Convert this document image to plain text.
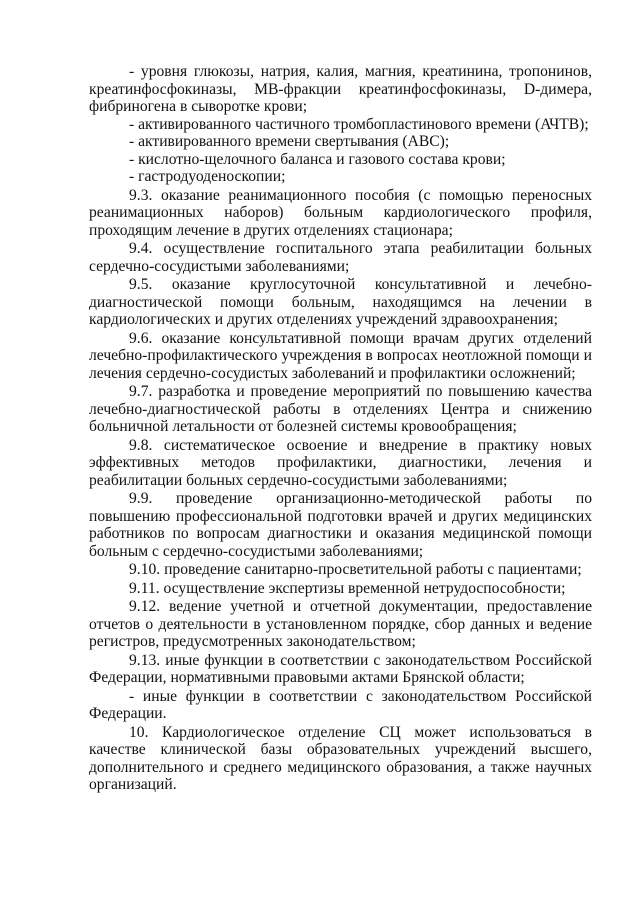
- уровня глюкозы, натрия, калия, магния, креатинина, тропонинов, креатинфосфокиназы, МВ-фракции креатинфосфокиназы, D-димера, фибриногена в сыворотке крови;

- активированного частичного тромбопластинового времени (АЧТВ);

- активированного времени свертывания (АВС);

- кислотно-щелочного баланса и газового состава крови;

- гастродуоденоскопии;

9.3. оказание реанимационного пособия (с помощью переносных реанимационных наборов) больным кардиологического профиля, проходящим лечение в других отделениях стационара;

9.4. осуществление госпитального этапа реабилитации больных сердечно-сосудистыми заболеваниями;

9.5. оказание круглосуточной консультативной и лечебно-диагностической помощи больным, находящимся на лечении в кардиологических и других отделениях учреждений здравоохранения;

9.6. оказание консультативной помощи врачам других отделений лечебно-профилактического учреждения в вопросах неотложной помощи и лечения сердечно-сосудистых заболеваний и профилактики осложнений;

9.7. разработка и проведение мероприятий по повышению качества лечебно-диагностической работы в отделениях Центра и снижению больничной летальности от болезней системы кровообращения;

9.8. систематическое освоение и внедрение в практику новых эффективных методов профилактики, диагностики, лечения и реабилитации больных сердечно-сосудистыми заболеваниями;

9.9. проведение организационно-методической работы по повышению профессиональной подготовки врачей и других медицинских работников по вопросам диагностики и оказания медицинской помощи больным с сердечно-сосудистыми заболеваниями;

9.10. проведение санитарно-просветительной работы с пациентами;

9.11. осуществление экспертизы временной нетрудоспособности;

9.12. ведение учетной и отчетной документации, предоставление отчетов о деятельности в установленном порядке, сбор данных и ведение регистров, предусмотренных законодательством;

9.13. иные функции в соответствии с законодательством Российской Федерации, нормативными правовыми актами Брянской области;

- иные функции в соответствии с законодательством Российской Федерации.

10. Кардиологическое отделение СЦ может использоваться в качестве клинической базы образовательных учреждений высшего, дополнительного и среднего медицинского образования, а также научных организаций.
